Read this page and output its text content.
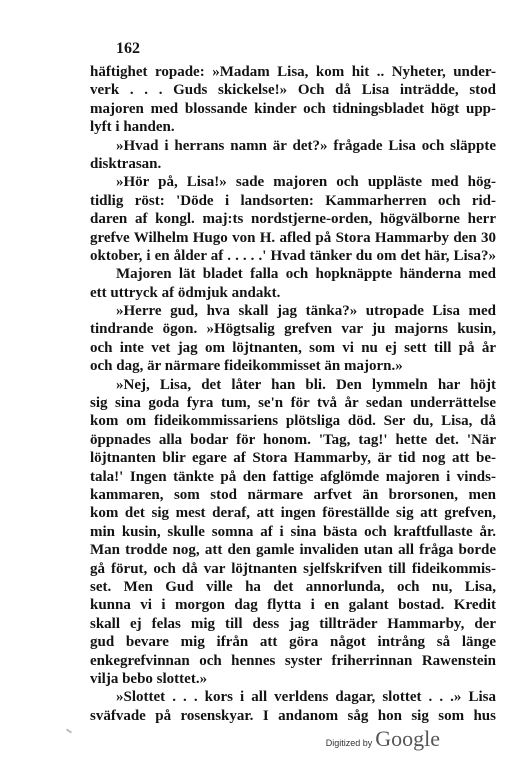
162
häftighet ropade: »Madam Lisa, kom hit .. Nyheter, under-
verk . . . Guds skickelse!» Och då Lisa inträdde, stod
majoren med blossande kinder och tidningsbladet högt upp-
lyft i handen.
»Hvad i herrans namn är det?» frågade Lisa och släppte
disktrasan.
»Hör på, Lisa!» sade majoren och uppläste med hög-
tidlig röst: 'Döde i landsorten: Kammarherren och rid-
daren af kongl. maj:ts nordstjerne-orden, högvälborne herr
grefve Wilhelm Hugo von H. afled på Stora Hammarby den 30
oktober, i en ålder af . . . . .' Hvad tänker du om det här, Lisa?»
Majoren lät bladet falla och hopknäppte händerna med
ett uttryck af ödmjuk andakt.
»Herre gud, hva skall jag tänka?» utropade Lisa med
tindrande ögon. »Högtsalig grefven var ju majorns kusin,
och inte vet jag om löjtnanten, som vi nu ej sett till på år
och dag, är närmare fideikommisset än majorn.»
»Nej, Lisa, det låter han bli. Den lymmeln har höjt
sig sina goda fyra tum, se'n för två år sedan underrättelse
kom om fideikommissariens plötsliga död. Ser du, Lisa, då
öppnades alla bodar för honom. 'Tag, tag!' hette det. 'När
löjtnanten blir egare af Stora Hammarby, är tid nog att be-
tala!' Ingen tänkte på den fattige afglömde majoren i vinds-
kammaren, som stod närmare arfvet än brorsonen, men
kom det sig mest deraf, att ingen föreställde sig att grefven,
min kusin, skulle somna af i sina bästa och kraftfullaste år.
Man trodde nog, att den gamle invaliden utan all fråga borde
gå förut, och då var löjtnanten sjelfskrifven till fideikommis-
set. Men Gud ville ha det annorlunda, och nu, Lisa,
kunna vi i morgon dag flytta i en galant bostad. Kredit
skall ej felas mig till dess jag tillträder Hammarby, der
gud bevare mig ifrån att göra något intrång så länge
enkegrefvinnan och hennes syster friherrinnan Rawenstein
vilja bebo slottet.»
»Slottet . . . kors i all verldens dagar, slottet . . .» Lisa
sväfvade på rosenskyar. I andanom såg hon sig som hus
Digitized by Google
